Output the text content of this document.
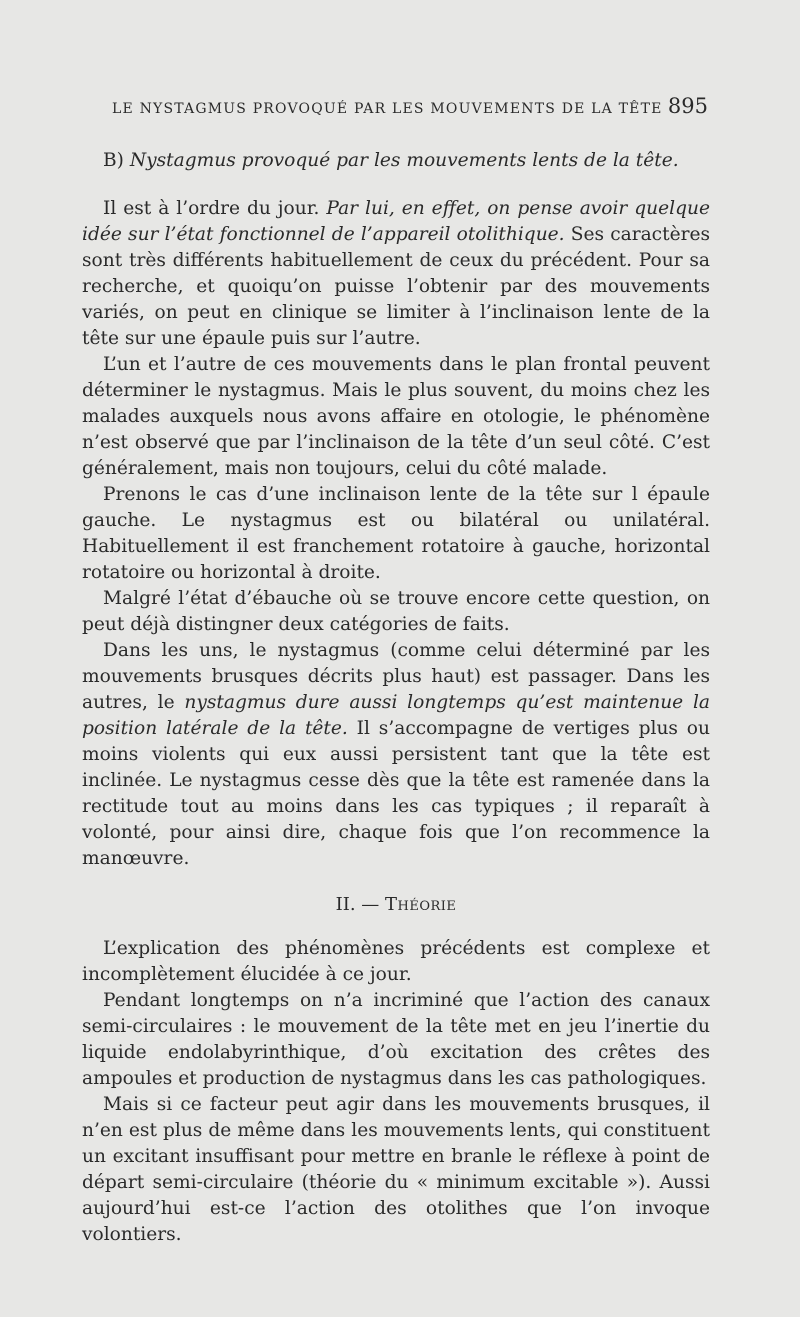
LE NYSTAGMUS PROVOQUÉ PAR LES MOUVEMENTS DE LA TÊTE 895
B) Nystagmus provoqué par les mouvements lents de la tête.

Il est à l’ordre du jour. Par lui, en effet, on pense avoir quelque idée sur l’état fonctionnel de l’appareil otolithique. Ses caractères sont très différents habituellement de ceux du précédent. Pour sa recherche, et quoiqu’on puisse l’obtenir par des mouvements variés, on peut en clinique se limiter à l’inclinaison lente de la tête sur une épaule puis sur l’autre.

L’un et l’autre de ces mouvements dans le plan frontal peuvent déterminer le nystagmus. Mais le plus souvent, du moins chez les malades auxquels nous avons affaire en otologie, le phénomène n’est observé que par l’inclinaison de la tête d’un seul côté. C’est généralement, mais non toujours, celui du côté malade.

Prenons le cas d’une inclinaison lente de la tête sur l épaule gauche. Le nystagmus est ou bilatéral ou unilatéral. Habituellement il est franchement rotatoire à gauche, horizontal rotatoire ou horizontal à droite.

Malgré l’état d’ébauche où se trouve encore cette question, on peut déjà distingner deux catégories de faits.

Dans les uns, le nystagmus (comme celui déterminé par les mouvements brusques décrits plus haut) est passager. Dans les autres, le nystagmus dure aussi longtemps qu’est maintenue la position latérale de la tête. Il s’accompagne de vertiges plus ou moins violents qui eux aussi persistent tant que la tête est inclinée. Le nystagmus cesse dès que la tête est ramenée dans la rectitude tout au moins dans les cas typiques ; il reparaît à volonté, pour ainsi dire, chaque fois que l’on recommence la manœuvre.

II. — Théorie

L’explication des phénomènes précédents est complexe et incomplètement élucidée à ce jour.

Pendant longtemps on n’a incriminé que l’action des canaux semi-circulaires : le mouvement de la tête met en jeu l’inertie du liquide endolabyrinthique, d’où excitation des crêtes des ampoules et production de nystagmus dans les cas pathologiques.

Mais si ce facteur peut agir dans les mouvements brusques, il n’en est plus de même dans les mouvements lents, qui constituent un excitant insuffisant pour mettre en branle le réflexe à point de départ semi-circulaire (théorie du « minimum excitable »). Aussi aujourd’hui est-ce l’action des otolithes que l’on invoque volontiers.
